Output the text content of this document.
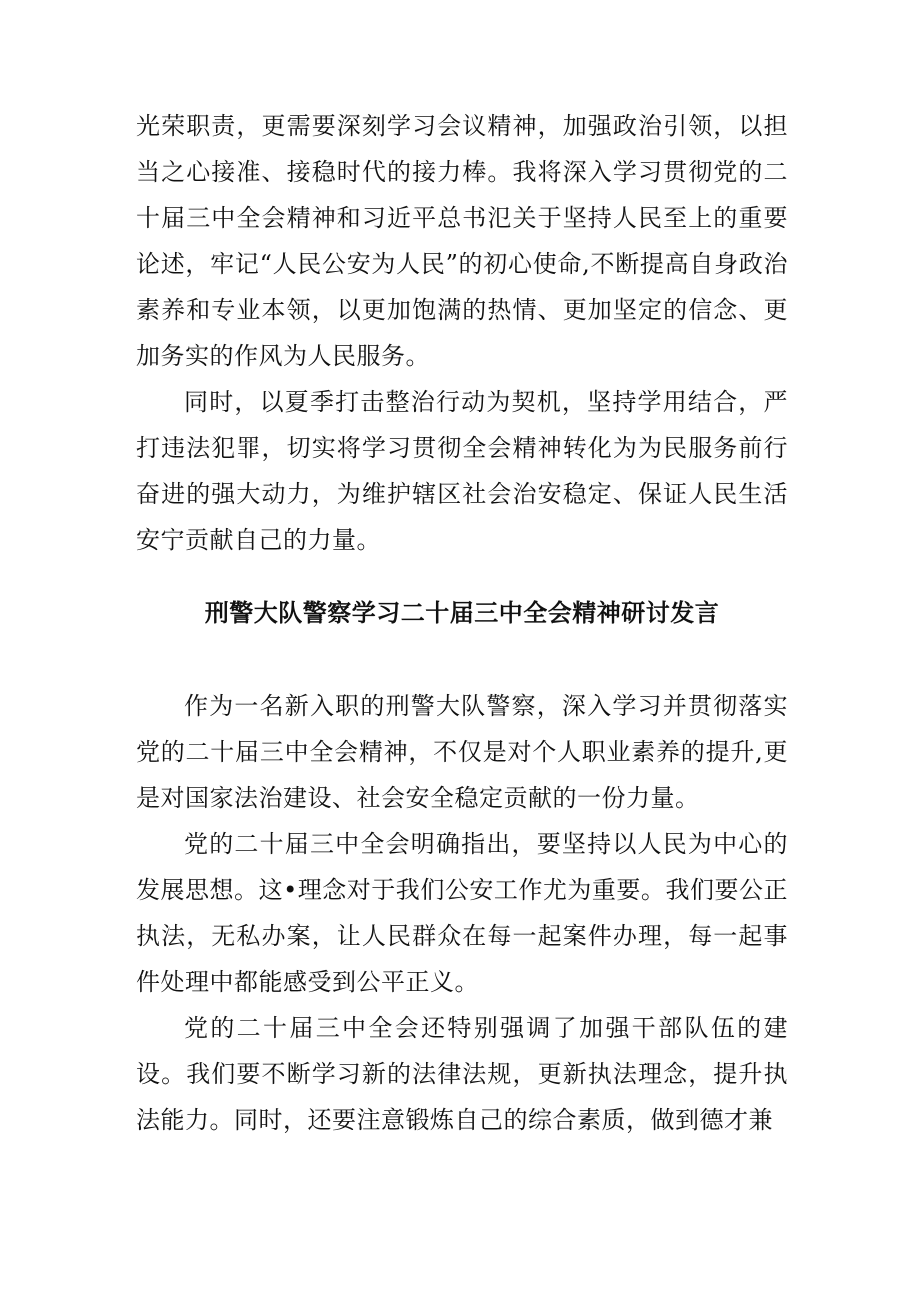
光荣职责，更需要深刻学习会议精神，加强政治引领，以担当之心接准、接稳时代的接力棒。我将深入学习贯彻党的二十届三中全会精神和习近平总书氾关于坚持人民至上的重要论述，牢记“人民公安为人民”的初心使命,不断提高自身政治素养和专业本领，以更加饱满的热情、更加坚定的信念、更加务实的作风为人民服务。

同时，以夏季打击整治行动为契机，坚持学用结合，严打违法犯罪，切实将学习贯彻全会精神转化为为民服务前行奋进的强大动力，为维护辖区社会治安稳定、保证人民生活安宁贡献自己的力量。

刑警大队警察学习二十届三中全会精神研讨发言

作为一名新入职的刑警大队警察，深入学习并贯彻落实党的二十届三中全会精神，不仅是对个人职业素养的提升,更是对国家法治建设、社会安全稳定贡献的一份力量。

党的二十届三中全会明确指出，要坚持以人民为中心的发展思想。这•理念对于我们公安工作尤为重要。我们要公正执法，无私办案，让人民群众在每一起案件办理，每一起事件处理中都能感受到公平正义。

党的二十届三中全会还特别强调了加强干部队伍的建设。我们要不断学习新的法律法规，更新执法理念，提升执法能力。同时，还要注意锻炼自己的综合素质，做到德才兼
